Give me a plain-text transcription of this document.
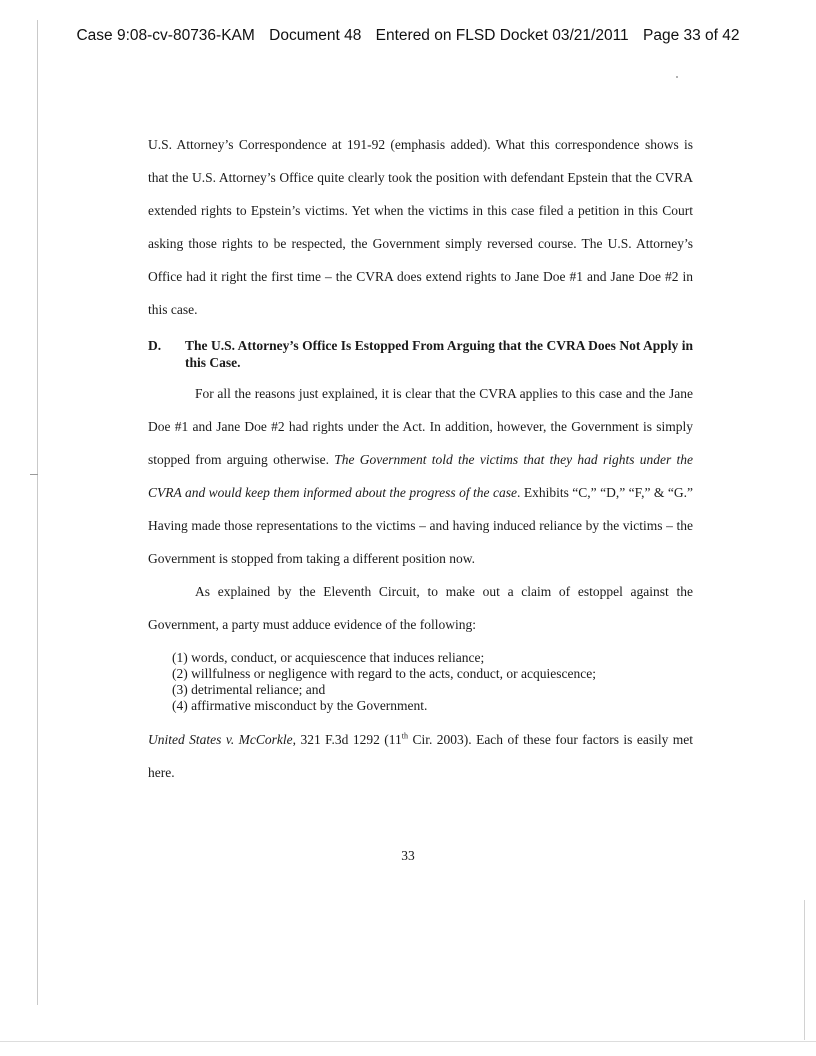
Case 9:08-cv-80736-KAM Document 48 Entered on FLSD Docket 03/21/2011 Page 33 of 42

U.S. Attorney’s Correspondence at 191-92 (emphasis added). What this correspondence shows is that the U.S. Attorney’s Office quite clearly took the position with defendant Epstein that the CVRA extended rights to Epstein’s victims. Yet when the victims in this case filed a petition in this Court asking those rights to be respected, the Government simply reversed course. The U.S. Attorney’s Office had it right the first time – the CVRA does extend rights to Jane Doe #1 and Jane Doe #2 in this case.

D.	The U.S. Attorney’s Office Is Estopped From Arguing that the CVRA Does Not Apply in this Case.

For all the reasons just explained, it is clear that the CVRA applies to this case and the Jane Doe #1 and Jane Doe #2 had rights under the Act. In addition, however, the Government is simply stopped from arguing otherwise. The Government told the victims that they had rights under the CVRA and would keep them informed about the progress of the case. Exhibits “C,” “D,” “F,” & “G.” Having made those representations to the victims – and having induced reliance by the victims – the Government is stopped from taking a different position now.

As explained by the Eleventh Circuit, to make out a claim of estoppel against the Government, a party must adduce evidence of the following:

(1) words, conduct, or acquiescence that induces reliance;
(2) willfulness or negligence with regard to the acts, conduct, or acquiescence;
(3) detrimental reliance; and
(4) affirmative misconduct by the Government.

United States v. McCorkle, 321 F.3d 1292 (11th Cir. 2003). Each of these four factors is easily met here.

33
